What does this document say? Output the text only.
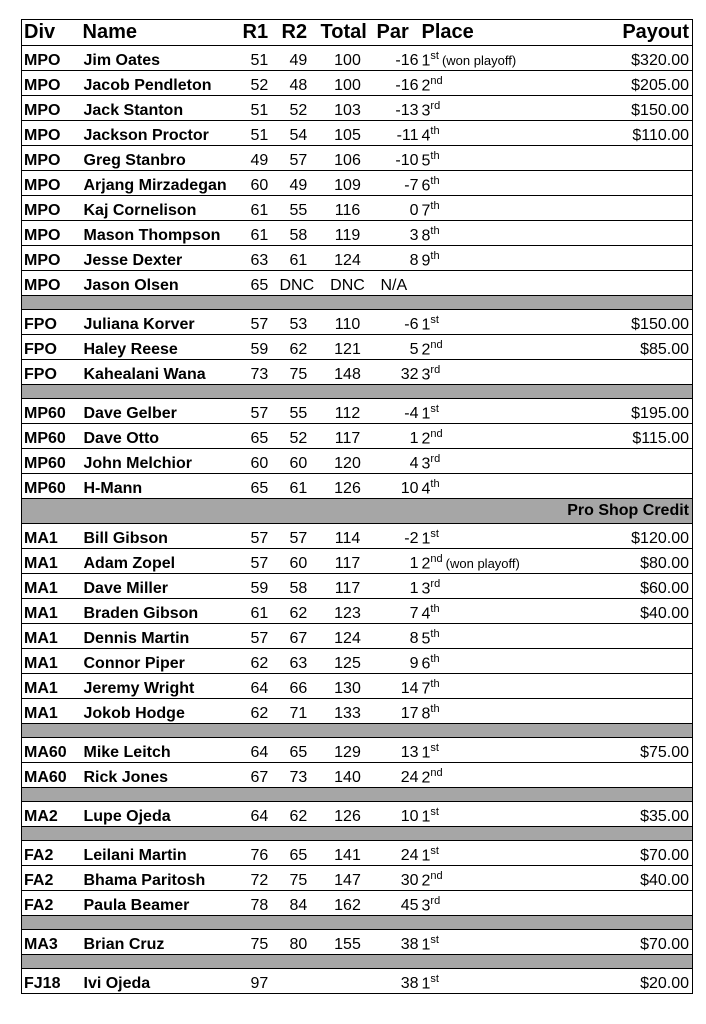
Div	Name	R1	R2	Total	Par	Place	Payout
MPO	Jim Oates	51	49	100	-16	1st (won playoff)	$320.00
MPO	Jacob Pendleton	52	48	100	-16	2nd	$205.00
MPO	Jack Stanton	51	52	103	-13	3rd	$150.00
MPO	Jackson Proctor	51	54	105	-11	4th	$110.00
MPO	Greg Stanbro	49	57	106	-10	5th	
MPO	Arjang Mirzadegan	60	49	109	-7	6th	
MPO	Kaj Cornelison	61	55	116	0	7th	
MPO	Mason Thompson	61	58	119	3	8th	
MPO	Jesse Dexter	63	61	124	8	9th	
MPO	Jason Olsen	65	DNC	DNC	N/A		

FPO	Juliana Korver	57	53	110	-6	1st	$150.00
FPO	Haley Reese	59	62	121	5	2nd	$85.00
FPO	Kahealani Wana	73	75	148	32	3rd	

MP60	Dave Gelber	57	55	112	-4	1st	$195.00
MP60	Dave Otto	65	52	117	1	2nd	$115.00
MP60	John Melchior	60	60	120	4	3rd	
MP60	H-Mann	65	61	126	10	4th	
Pro Shop Credit							
MA1	Bill Gibson	57	57	114	-2	1st	$120.00
MA1	Adam Zopel	57	60	117	1	2nd (won playoff)	$80.00
MA1	Dave Miller	59	58	117	1	3rd	$60.00
MA1	Braden Gibson	61	62	123	7	4th	$40.00
MA1	Dennis Martin	57	67	124	8	5th	
MA1	Connor Piper	62	63	125	9	6th	
MA1	Jeremy Wright	64	66	130	14	7th	
MA1	Jokob Hodge	62	71	133	17	8th	

MA60	Mike Leitch	64	65	129	13	1st	$75.00
MA60	Rick Jones	67	73	140	24	2nd	

MA2	Lupe Ojeda	64	62	126	10	1st	$35.00

FA2	Leilani Martin	76	65	141	24	1st	$70.00
FA2	Bhama Paritosh	72	75	147	30	2nd	$40.00
FA2	Paula Beamer	78	84	162	45	3rd	

MA3	Brian Cruz	75	80	155	38	1st	$70.00

FJ18	Ivi Ojeda	97			38	1st	$20.00
